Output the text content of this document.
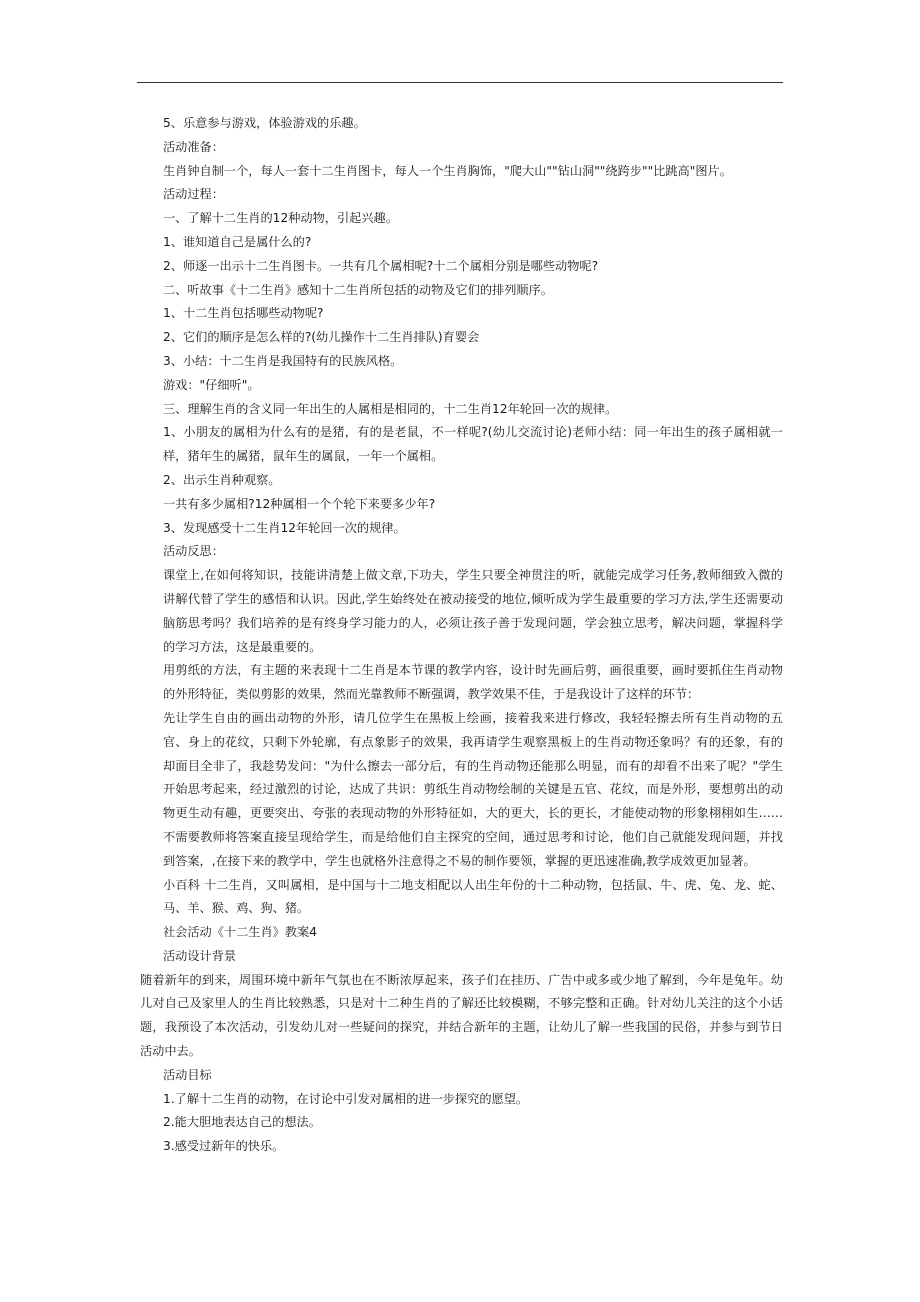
5、乐意参与游戏，体验游戏的乐趣。

活动准备：

生肖钟自制一个，每人一套十二生肖图卡，每人一个生肖胸饰，"爬大山""钻山洞""绕跨步""比跳高"图片。

活动过程：

一、了解十二生肖的12种动物，引起兴趣。

1、谁知道自己是属什么的?

2、师逐一出示十二生肖图卡。一共有几个属相呢?十二个属相分别是哪些动物呢?

二、听故事《十二生肖》感知十二生肖所包括的动物及它们的排列顺序。

1、十二生肖包括哪些动物呢?

2、它们的顺序是怎么样的?(幼儿操作十二生肖排队)育婴会

3、小结：十二生肖是我国特有的民族风格。

游戏："仔细听"。

三、理解生肖的含义同一年出生的人属相是相同的，十二生肖12年轮回一次的规律。

1、小朋友的属相为什么有的是猪，有的是老鼠，不一样呢?(幼儿交流讨论)老师小结：同一年出生的孩子属相就一样，猪年生的属猪，鼠年生的属鼠，一年一个属相。

2、出示生肖种观察。

一共有多少属相?12种属相一个个轮下来要多少年?

3、发现感受十二生肖12年轮回一次的规律。

活动反思：

课堂上,在如何将知识，技能讲清楚上做文章,下功夫，学生只要全神贯注的听，就能完成学习任务,教师细致入微的讲解代替了学生的感悟和认识。因此,学生始终处在被动接受的地位,倾听成为学生最重要的学习方法,学生还需要动脑筋思考吗？我们培养的是有终身学习能力的人，必须让孩子善于发现问题，学会独立思考，解决问题，掌握科学的学习方法，这是最重要的。

用剪纸的方法，有主题的来表现十二生肖是本节课的教学内容，设计时先画后剪，画很重要，画时要抓住生肖动物的外形特征，类似剪影的效果，然而光靠教师不断强调，教学效果不佳，于是我设计了这样的环节：

先让学生自由的画出动物的外形，请几位学生在黑板上绘画，接着我来进行修改，我轻轻擦去所有生肖动物的五官、身上的花纹，只剩下外轮廓，有点象影子的效果，我再请学生观察黑板上的生肖动物还象吗？有的还象，有的却面目全非了，我趁势发问："为什么擦去一部分后，有的生肖动物还能那么明显，而有的却看不出来了呢？"学生开始思考起来，经过激烈的讨论，达成了共识：剪纸生肖动物绘制的关键是五官、花纹，而是外形，要想剪出的动物更生动有趣，更要突出、夸张的表现动物的外形特征如，大的更大，长的更长，才能使动物的形象栩栩如生……不需要教师将答案直接呈现给学生，而是给他们自主探究的空间，通过思考和讨论，他们自己就能发现问题，并找到答案，,在接下来的教学中，学生也就格外注意得之不易的制作要领，掌握的更迅速准确,教学成效更加显著。

小百科 十二生肖，又叫属相，是中国与十二地支相配以人出生年份的十二种动物，包括鼠、牛、虎、兔、龙、蛇、马、羊、猴、鸡、狗、猪。

社会活动《十二生肖》教案4

活动设计背景

随着新年的到来，周围环境中新年气氛也在不断浓厚起来，孩子们在挂历、广告中或多或少地了解到，今年是兔年。幼儿对自己及家里人的生肖比较熟悉，只是对十二种生肖的了解还比较模糊，不够完整和正确。针对幼儿关注的这个小话题，我预设了本次活动，引发幼儿对一些疑问的探究，并结合新年的主题，让幼儿了解一些我国的民俗，并参与到节日活动中去。

活动目标

1.了解十二生肖的动物，在讨论中引发对属相的进一步探究的愿望。

2.能大胆地表达自己的想法。

3.感受过新年的快乐。
